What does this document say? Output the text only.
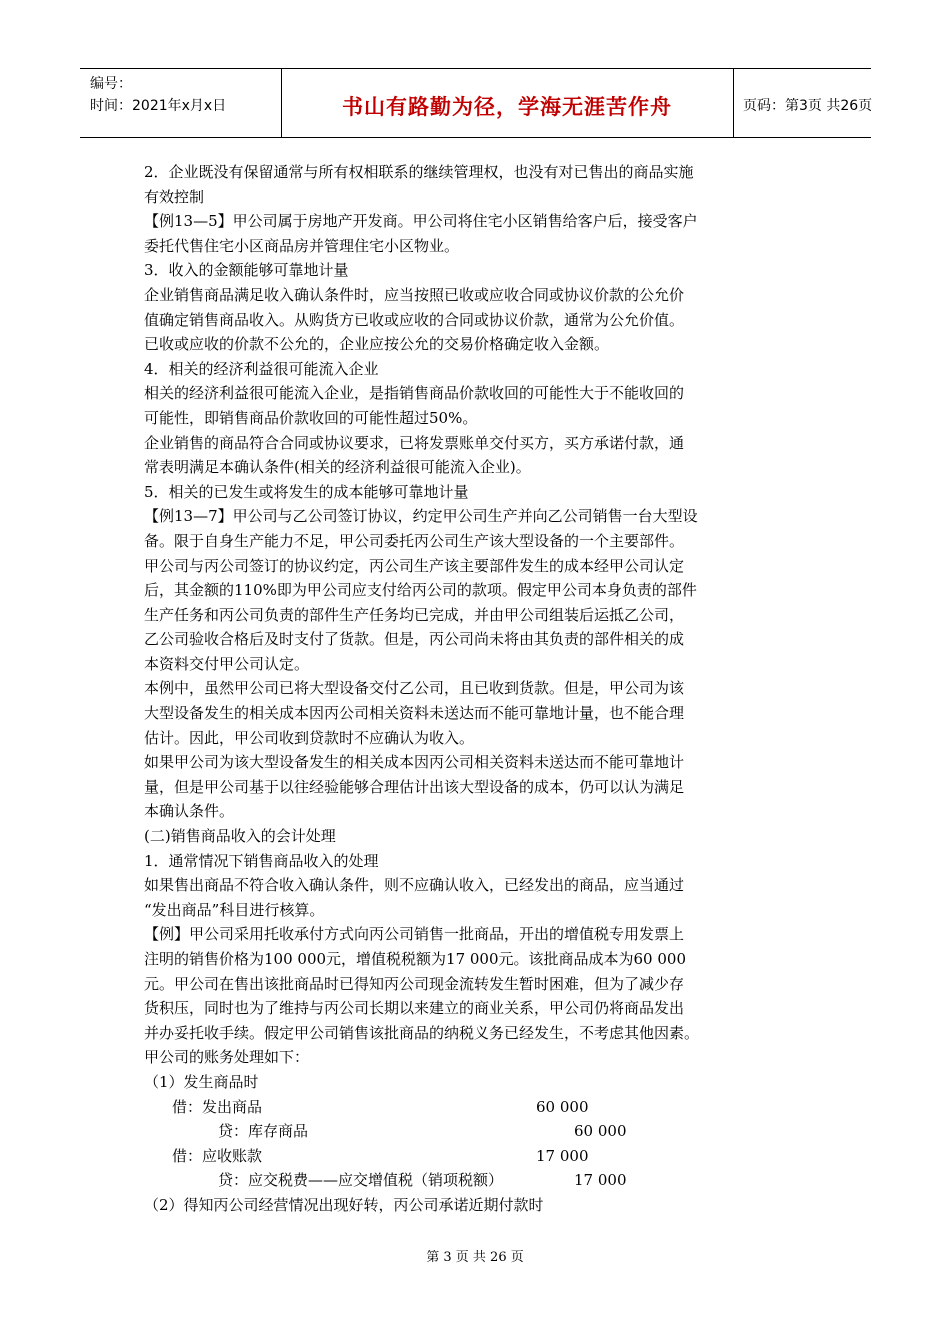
编号：
时间：2021年x月x日	书山有路勤为径，学海无涯苦作舟	页码：第3页 共26页

2．企业既没有保留通常与所有权相联系的继续管理权，也没有对已售出的商品实施

有效控制

【例13—5】甲公司属于房地产开发商。甲公司将住宅小区销售给客户后，接受客户

委托代售住宅小区商品房并管理住宅小区物业。

3．收入的金额能够可靠地计量

企业销售商品满足收入确认条件时，应当按照已收或应收合同或协议价款的公允价

值确定销售商品收入。从购货方已收或应收的合同或协议价款，通常为公允价值。

已收或应收的价款不公允的，企业应按公允的交易价格确定收入金额。

4．相关的经济利益很可能流入企业

相关的经济利益很可能流入企业，是指销售商品价款收回的可能性大于不能收回的

可能性，即销售商品价款收回的可能性超过50%。

企业销售的商品符合合同或协议要求，已将发票账单交付买方，买方承诺付款，通

常表明满足本确认条件(相关的经济利益很可能流入企业)。

5．相关的已发生或将发生的成本能够可靠地计量

【例13—7】甲公司与乙公司签订协议，约定甲公司生产并向乙公司销售一台大型设

备。限于自身生产能力不足，甲公司委托丙公司生产该大型设备的一个主要部件。

甲公司与丙公司签订的协议约定，丙公司生产该主要部件发生的成本经甲公司认定

后，其金额的110%即为甲公司应支付给丙公司的款项。假定甲公司本身负责的部件

生产任务和丙公司负责的部件生产任务均已完成，并由甲公司组装后运抵乙公司，

乙公司验收合格后及时支付了货款。但是，丙公司尚未将由其负责的部件相关的成

本资料交付甲公司认定。

本例中，虽然甲公司已将大型设备交付乙公司，且已收到货款。但是，甲公司为该

大型设备发生的相关成本因丙公司相关资料未送达而不能可靠地计量，也不能合理

估计。因此，甲公司收到贷款时不应确认为收入。

如果甲公司为该大型设备发生的相关成本因丙公司相关资料未送达而不能可靠地计

量，但是甲公司基于以往经验能够合理估计出该大型设备的成本，仍可以认为满足

本确认条件。

(二)销售商品收入的会计处理

1．通常情况下销售商品收入的处理

如果售出商品不符合收入确认条件，则不应确认收入，已经发出的商品，应当通过

“发出商品”科目进行核算。

【例】甲公司采用托收承付方式向丙公司销售一批商品，开出的增值税专用发票上

注明的销售价格为100 000元，增值税税额为17 000元。该批商品成本为60 000

元。甲公司在售出该批商品时已得知丙公司现金流转发生暂时困难，但为了减少存

货积压，同时也为了维持与丙公司长期以来建立的商业关系，甲公司仍将商品发出

并办妥托收手续。假定甲公司销售该批商品的纳税义务已经发生，不考虑其他因素。

甲公司的账务处理如下：

（1）发生商品时

借：发出商品	60 000

贷：库存商品	60 000

借：应收账款	17 000

贷：应交税费——应交增值税（销项税额）	17 000

（2）得知丙公司经营情况出现好转，丙公司承诺近期付款时

第 3 页 共 26 页
